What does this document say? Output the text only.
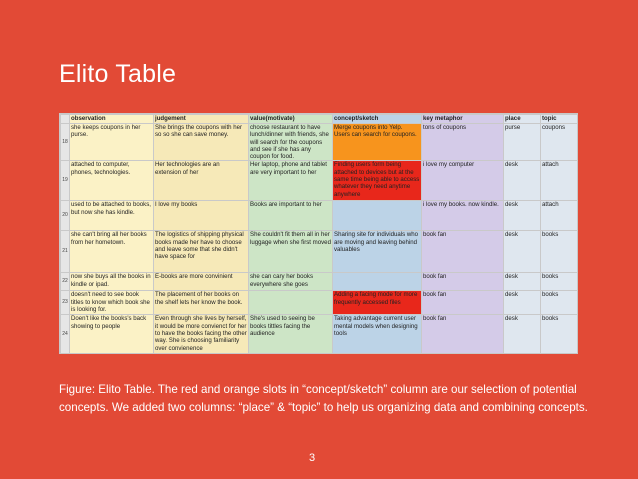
Elito Table
	observation	judgement	value(motivate)	concept/sketch	key metaphor	place	topic
18	she keeps coupons in her purse.	She brings the coupons with her so so she can save money.	choose restaurant to have lunch/dinner with friends, she will search for the coupons and see if she has any coupon for food.	Merge coupons into Yelp. Users can search for coupons.	tons of coupons	purse	coupons
19	attached to computer, phones, technologies.	Her technologies are an extension of her	Her laptop, phone and tablet are very important to her	Finding users form being attached to devices but at the same time being able to access whatever they need anytime anywhere	i love my computer	desk	attach
20	used to be attached to books, but now she has kindle.	I love my books	Books are important to her		i love my books. now kindle.	desk	attach
21	she can't bring all her books from her hometown.	The logistics of shipping physical books made her have to choose and leave some that she didn't have space for	She couldn't fit them all in her luggage when she first moved	Sharing site for individuals who are moving and leaving behind valuables	book fan	desk	books
22	now she buys all the books in kindle or ipad.	E-books are more convinient	she can cary her books everywhere she goes		book fan	desk	books
23	doesn't need to see book titles to know which book she is looking for.	The placement of her books on the shelf lets her know the book.		Adding a facing mode for more frequently accessed files	book fan	desk	books
24	Doen't like the books's back showing to people	Even through she lives by herself, it would be more convienct for her to have the books facing the other way. She is choosing familiarity over convienence	She's used to seeing be books tittles facing the audience	Taking advantage current user mental models when designing tools	book fan	desk	books
Figure: Elito Table. The red and orange slots in “concept/sketch” column are our selection of potential concepts. We added two columns: “place” & “topic” to help us organizing data and combining concepts.
3
